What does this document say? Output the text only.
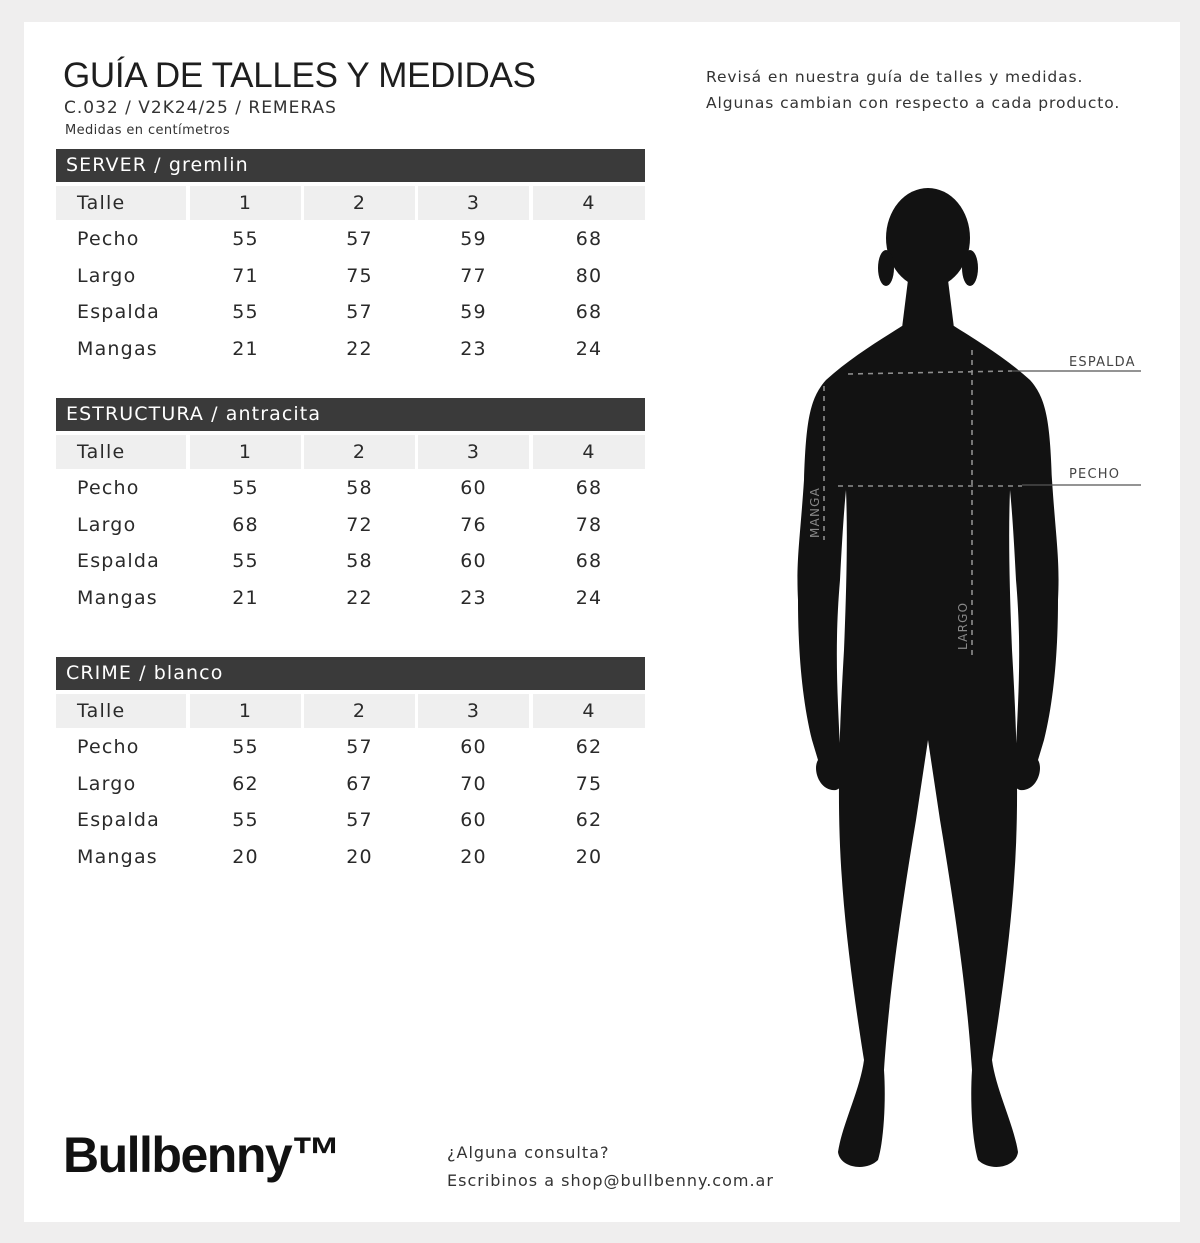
GUÍA DE TALLES Y MEDIDAS
C.032 / V2K24/25 / REMERAS
Medidas en centímetros
Revisá en nuestra guía de talles y medidas.
Algunas cambian con respecto a cada producto.
SERVER / gremlin
Talle	1	2	3	4
Pecho	55	57	59	68
Largo	71	75	77	80
Espalda	55	57	59	68
Mangas	21	22	23	24
ESTRUCTURA / antracita
Talle	1	2	3	4
Pecho	55	58	60	68
Largo	68	72	76	78
Espalda	55	58	60	68
Mangas	21	22	23	24
CRIME / blanco
Talle	1	2	3	4
Pecho	55	57	60	62
Largo	62	67	70	75
Espalda	55	57	60	62
Mangas	20	20	20	20
ESPALDA
PECHO
MANGA
LARGO
Bullbenny™	¿Alguna consulta?
Escribinos a shop@bullbenny.com.ar
